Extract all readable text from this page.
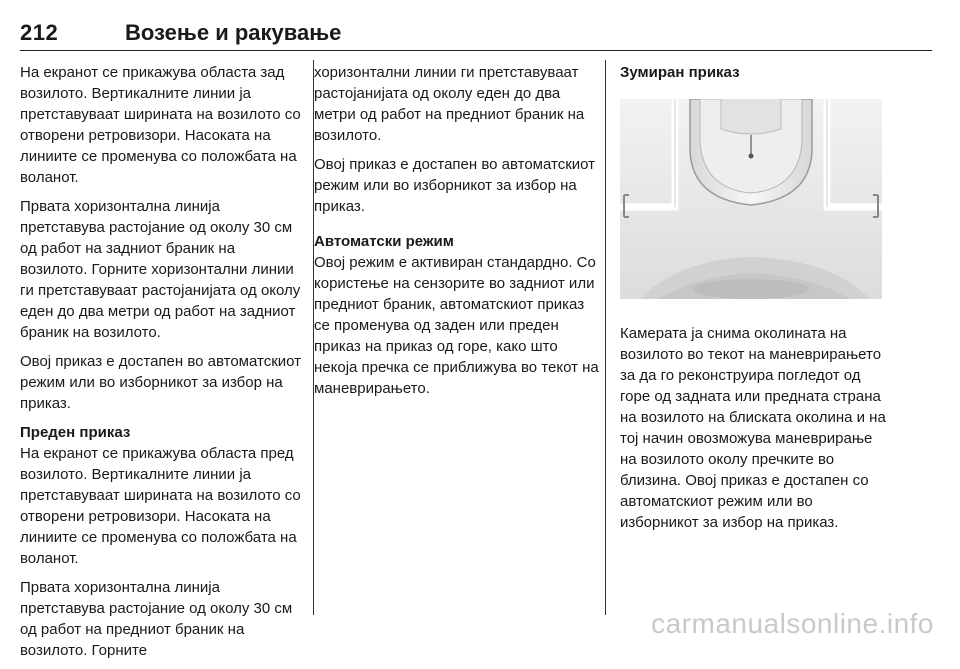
212	Возење и ракување

На екранот се прикажува областа зад возилото. Вертикалните линии ја претставуваат ширината на возилото со отворени ретровизори. Насоката на линиите се променува со положбата на воланот.

Првата хоризонтална линија претставува растојание од околу 30 см од работ на задниот браник на возилото. Горните хоризонтални линии ги претставуваат растојанијата од околу еден до два метри од работ на задниот браник на возилото.

Овој приказ е достапен во автоматскиот режим или во изборникот за избор на приказ.

Преден приказ

На екранот се прикажува областа пред возилото. Вертикалните линии ја претставуваат ширината на возилото со отворени ретровизори. Насоката на линиите се променува со положбата на воланот.

Првата хоризонтална линија претставува растојание од околу 30 см од работ на предниот браник на возилото. Горните

хоризонтални линии ги претставуваат растојанијата од околу еден до два метри од работ на предниот браник на возилото.

Овој приказ е достапен во автоматскиот режим или во изборникот за избор на приказ.

Автоматски режим

Овој режим е активиран стандардно. Со користење на сензорите во задниот или предниот браник, автоматскиот приказ се променува од заден или преден приказ на приказ од горе, како што некоја пречка се приближува во текот на маневрирањето.

Зумиран приказ

Камерата ја снима околината на возилото во текот на маневрирањето за да го реконструира погледот од горе од задната или предната страна на возилото на блиската околина и на тој начин овозможува маневрирање на возилото околу пречките во близина. Овој приказ е достапен со автоматскиот режим или во изборникот за избор на приказ.

carmanualsonline.info
